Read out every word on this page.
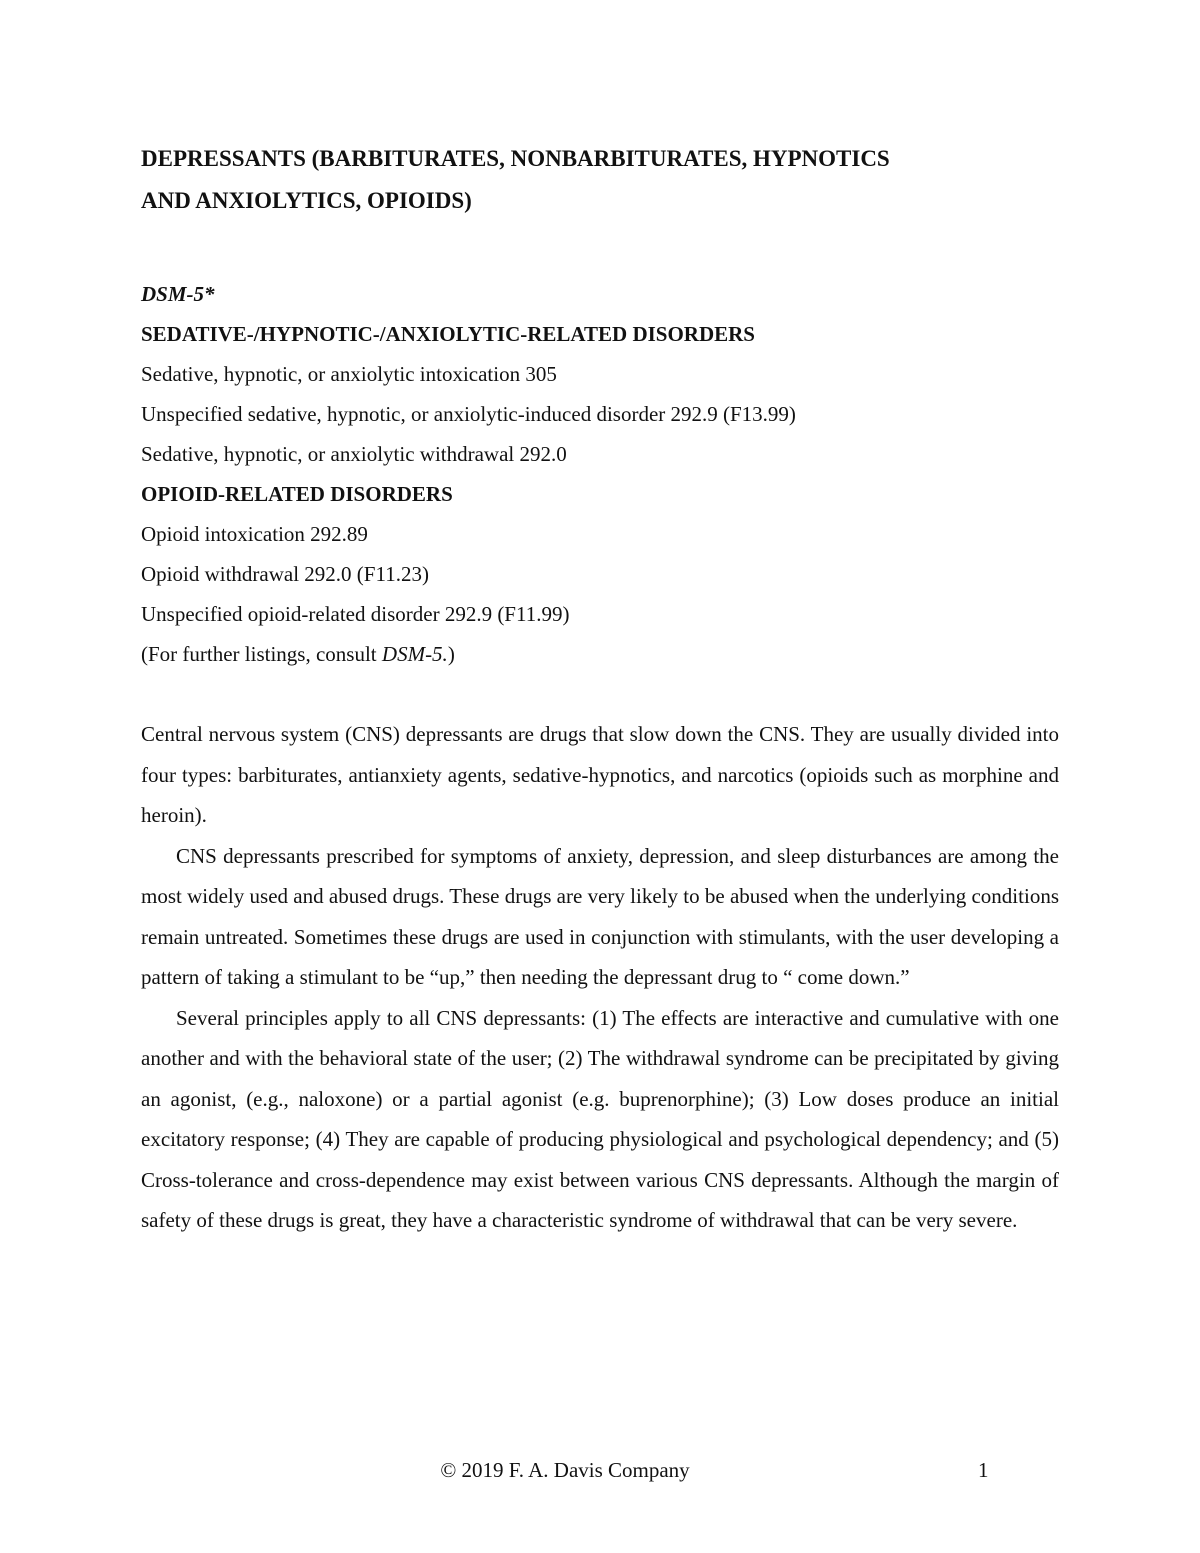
DEPRESSANTS (BARBITURATES, NONBARBITURATES, HYPNOTICS
AND ANXIOLYTICS, OPIOIDS)
DSM-5*
SEDATIVE-/HYPNOTIC-/ANXIOLYTIC-RELATED DISORDERS
Sedative, hypnotic, or anxiolytic intoxication 305
Unspecified sedative, hypnotic, or anxiolytic-induced disorder 292.9 (F13.99)
Sedative, hypnotic, or anxiolytic withdrawal 292.0
OPIOID-RELATED DISORDERS
Opioid intoxication 292.89
Opioid withdrawal 292.0 (F11.23)
Unspecified opioid-related disorder 292.9 (F11.99)
(For further listings, consult DSM-5.)

Central nervous system (CNS) depressants are drugs that slow down the CNS. They are usually divided into four types: barbiturates, antianxiety agents, sedative-hypnotics, and narcotics (opioids such as morphine and heroin).

CNS depressants prescribed for symptoms of anxiety, depression, and sleep disturbances are among the most widely used and abused drugs. These drugs are very likely to be abused when the underlying conditions remain untreated. Sometimes these drugs are used in conjunction with stimulants, with the user developing a pattern of taking a stimulant to be “up,” then needing the depressant drug to “ come down.”

Several principles apply to all CNS depressants: (1) The effects are interactive and cumulative with one another and with the behavioral state of the user; (2) The withdrawal syndrome can be precipitated by giving an agonist, (e.g., naloxone) or a partial agonist (e.g. buprenorphine); (3) Low doses produce an initial excitatory response; (4) They are capable of producing physiological and psychological dependency; and (5) Cross-tolerance and cross-dependence may exist between various CNS depressants. Although the margin of safety of these drugs is great, they have a characteristic syndrome of withdrawal that can be very severe.

© 2019 F. A. Davis Company	1
